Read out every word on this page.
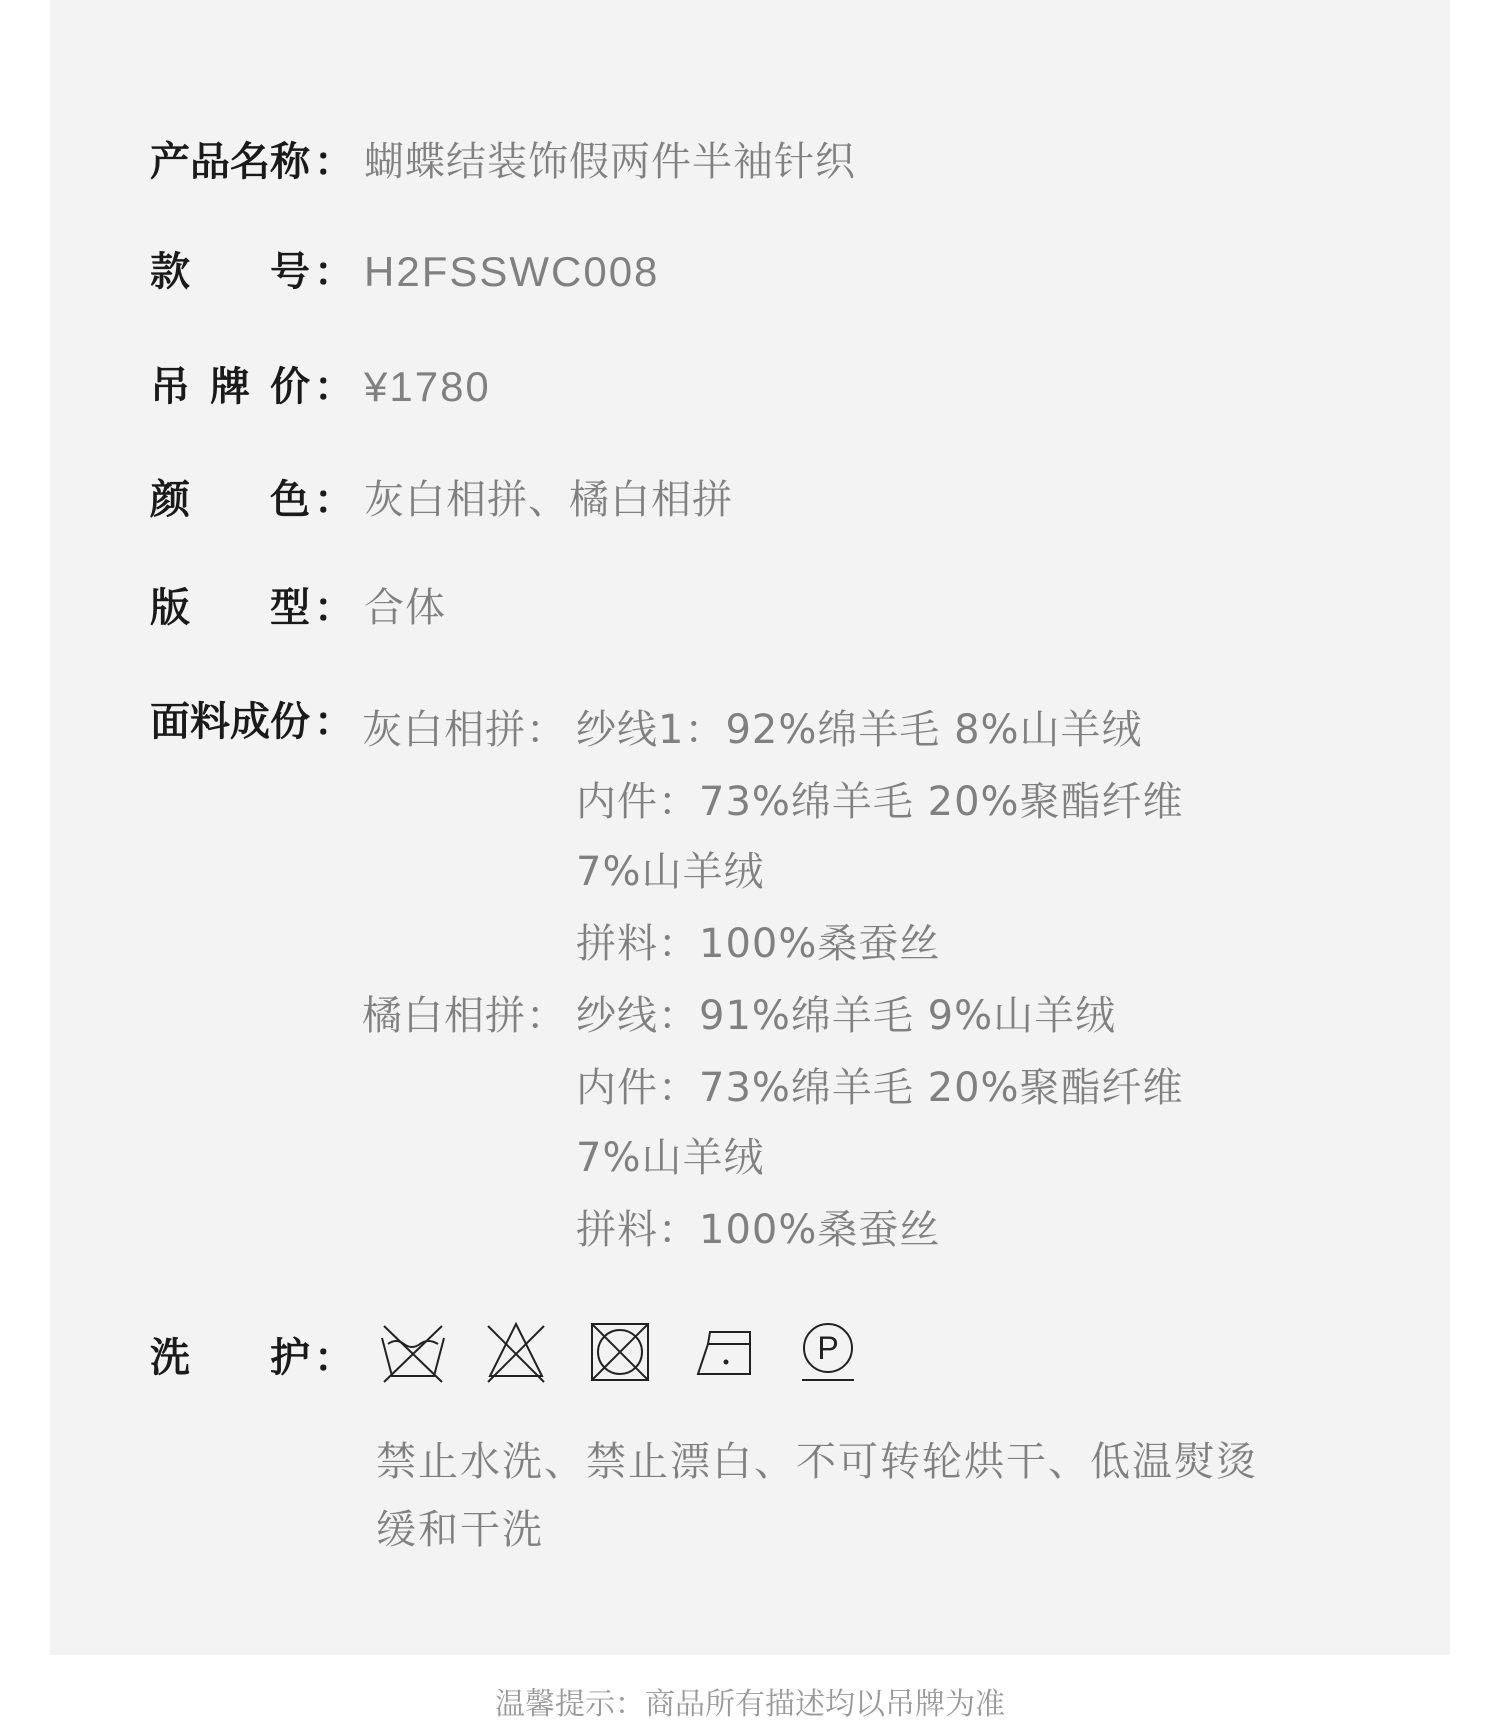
产品名称 ： 蝴蝶结装饰假两件半袖针织
款 号 ： H2FSSWC008
吊 牌 价 ： ¥1780
颜 色 ： 灰白相拼、橘白相拼
版 型 ： 合体
面料成份 ： 灰白相拼： 纱线1：92%绵羊毛 8%山羊绒
内件：73%绵羊毛 20%聚酯纤维
7%山羊绒
拼料：100%桑蚕丝
橘白相拼： 纱线：91%绵羊毛 9%山羊绒
内件：73%绵羊毛 20%聚酯纤维
7%山羊绒
拼料：100%桑蚕丝
洗 护 ：	P
禁止水洗、禁止漂白、不可转轮烘干、低温熨烫
缓和干洗
温馨提示：商品所有描述均以吊牌为准
